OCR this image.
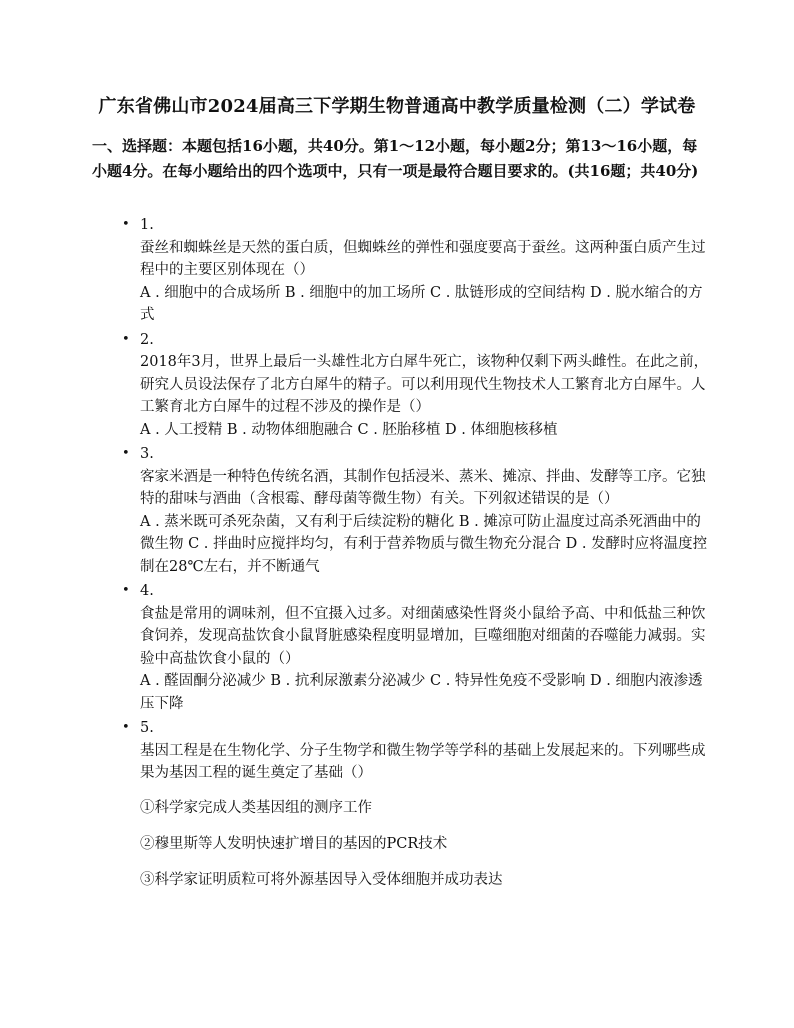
广东省佛山市2024届高三下学期生物普通高中教学质量检测（二）学试卷
一、选择题：本题包括16小题，共40分。第1～12小题，每小题2分；第13～16小题，每小题4分。在每小题给出的四个选项中，只有一项是最符合题目要求的。(共16题；共40分)
• 1.
蚕丝和蜘蛛丝是天然的蛋白质，但蜘蛛丝的弹性和强度要高于蚕丝。这两种蛋白质产生过程中的主要区别体现在（）
A . 细胞中的合成场所 B . 细胞中的加工场所 C . 肽链形成的空间结构 D . 脱水缩合的方式
• 2.
2018年3月，世界上最后一头雄性北方白犀牛死亡，该物种仅剩下两头雌性。在此之前，研究人员设法保存了北方白犀牛的精子。可以利用现代生物技术人工繁育北方白犀牛。人工繁育北方白犀牛的过程不涉及的操作是（）
A . 人工授精 B . 动物体细胞融合 C . 胚胎移植 D . 体细胞核移植
• 3.
客家米酒是一种特色传统名酒，其制作包括浸米、蒸米、摊凉、拌曲、发酵等工序。它独特的甜味与酒曲（含根霉、酵母菌等微生物）有关。下列叙述错误的是（）
A . 蒸米既可杀死杂菌，又有利于后续淀粉的糖化 B . 摊凉可防止温度过高杀死酒曲中的微生物 C . 拌曲时应搅拌均匀，有利于营养物质与微生物充分混合 D . 发酵时应将温度控制在28℃左右，并不断通气
• 4.
食盐是常用的调味剂，但不宜摄入过多。对细菌感染性肾炎小鼠给予高、中和低盐三种饮食饲养，发现高盐饮食小鼠肾脏感染程度明显增加，巨噬细胞对细菌的吞噬能力减弱。实验中高盐饮食小鼠的（）
A . 醛固酮分泌减少 B . 抗利尿激素分泌减少 C . 特异性免疫不受影响 D . 细胞内液渗透压下降
• 5.
基因工程是在生物化学、分子生物学和微生物学等学科的基础上发展起来的。下列哪些成果为基因工程的诞生奠定了基础（）
①科学家完成人类基因组的测序工作
②穆里斯等人发明快速扩增目的基因的PCR技术
③科学家证明质粒可将外源基因导入受体细胞并成功表达
